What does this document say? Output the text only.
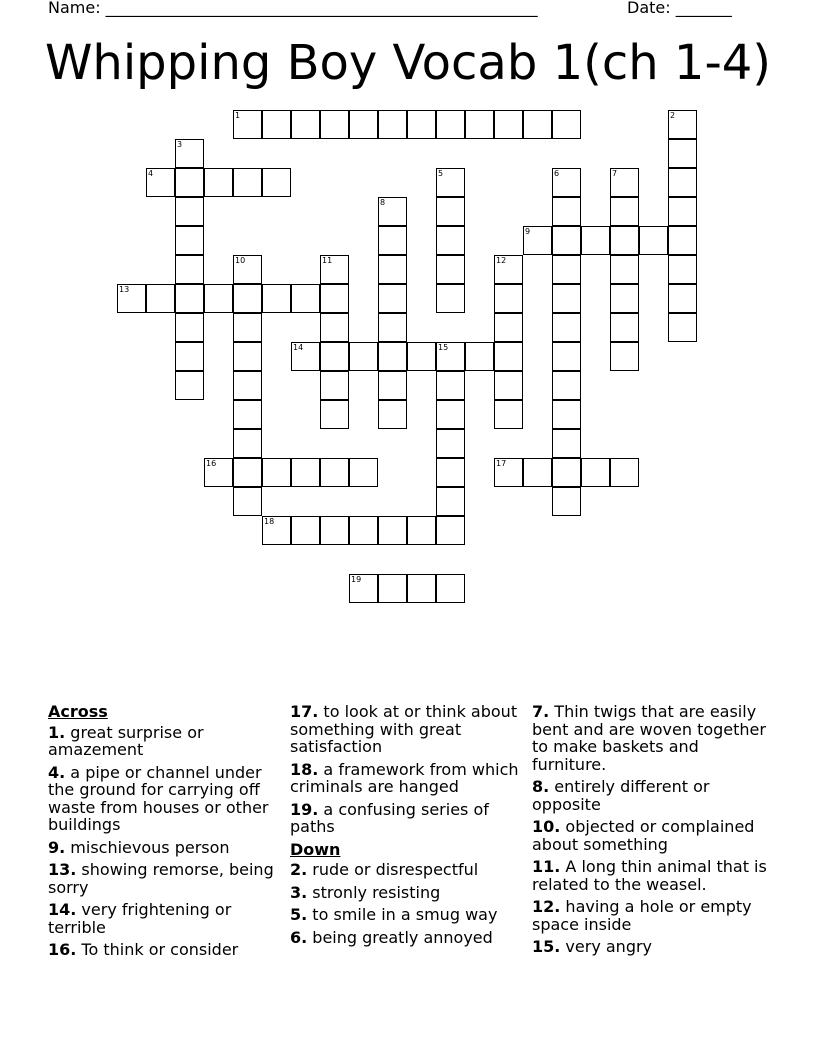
Name: ______________________________________________________	Date: _______
Whipping Boy Vocab 1(ch 1-4)
1	2
3
4	5	6	7
8
9
10	11	12
13
14	15
16	17
18
19
Across
1. great surprise or amazement
4. a pipe or channel under the ground for carrying off waste from houses or other buildings
9. mischievous person
13. showing remorse, being sorry
14. very frightening or terrible
16. To think or consider
17. to look at or think about something with great satisfaction
18. a framework from which criminals are hanged
19. a confusing series of paths
Down
2. rude or disrespectful
3. stronly resisting
5. to smile in a smug way
6. being greatly annoyed
7. Thin twigs that are easily bent and are woven together to make baskets and furniture.
8. entirely different or opposite
10. objected or complained about something
11. A long thin animal that is related to the weasel.
12. having a hole or empty space inside
15. very angry
